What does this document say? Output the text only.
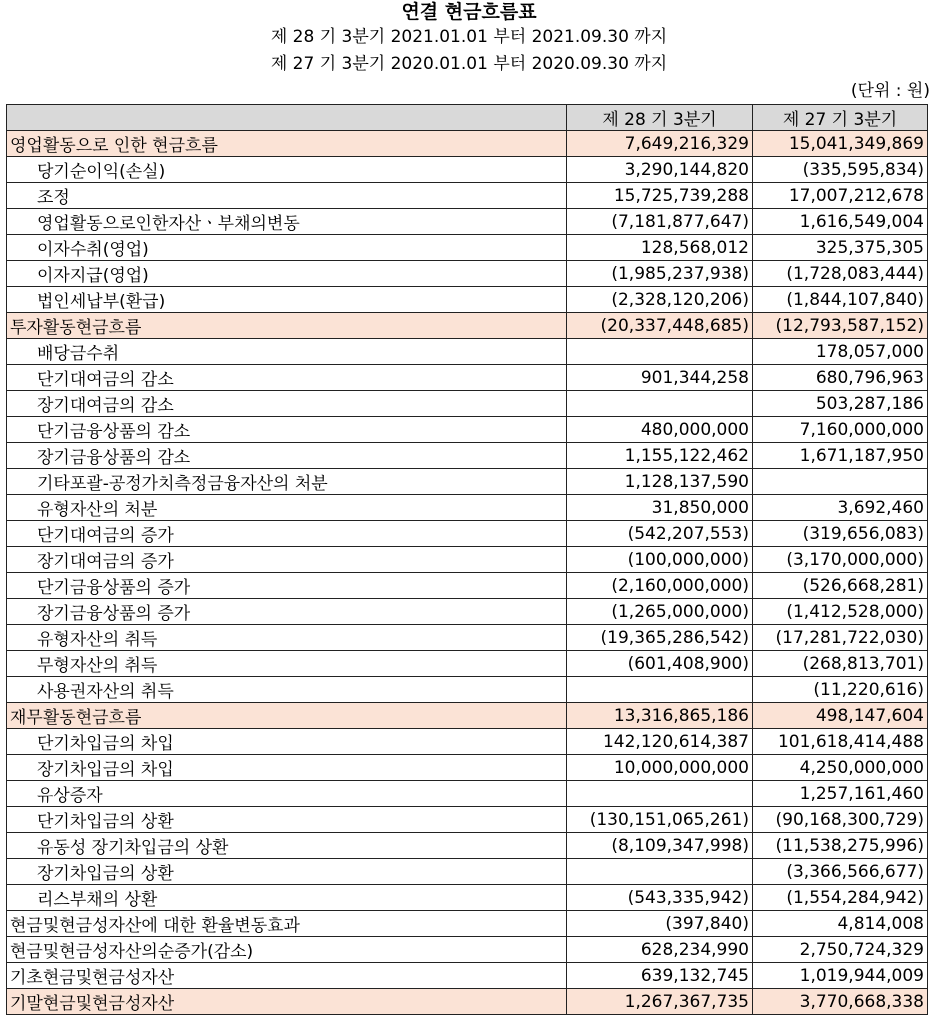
연결 현금흐름표
제 28 기 3분기 2021.01.01 부터 2021.09.30 까지
제 27 기 3분기 2020.01.01 부터 2020.09.30 까지
(단위 : 원)
	제 28 기 3분기	제 27 기 3분기
영업활동으로 인한 현금흐름	7,649,216,329	15,041,349,869
당기순이익(손실)	3,290,144,820	(335,595,834)
조정	15,725,739,288	17,007,212,678
영업활동으로인한자산ㆍ부채의변동	(7,181,877,647)	1,616,549,004
이자수취(영업)	128,568,012	325,375,305
이자지급(영업)	(1,985,237,938)	(1,728,083,444)
법인세납부(환급)	(2,328,120,206)	(1,844,107,840)
투자활동현금흐름	(20,337,448,685)	(12,793,587,152)
배당금수취		178,057,000
단기대여금의 감소	901,344,258	680,796,963
장기대여금의 감소		503,287,186
단기금융상품의 감소	480,000,000	7,160,000,000
장기금융상품의 감소	1,155,122,462	1,671,187,950
기타포괄-공정가치측정금융자산의 처분	1,128,137,590	
유형자산의 처분	31,850,000	3,692,460
단기대여금의 증가	(542,207,553)	(319,656,083)
장기대여금의 증가	(100,000,000)	(3,170,000,000)
단기금융상품의 증가	(2,160,000,000)	(526,668,281)
장기금융상품의 증가	(1,265,000,000)	(1,412,528,000)
유형자산의 취득	(19,365,286,542)	(17,281,722,030)
무형자산의 취득	(601,408,900)	(268,813,701)
사용권자산의 취득		(11,220,616)
재무활동현금흐름	13,316,865,186	498,147,604
단기차입금의 차입	142,120,614,387	101,618,414,488
장기차입금의 차입	10,000,000,000	4,250,000,000
유상증자		1,257,161,460
단기차입금의 상환	(130,151,065,261)	(90,168,300,729)
유동성 장기차입금의 상환	(8,109,347,998)	(11,538,275,996)
장기차입금의 상환		(3,366,566,677)
리스부채의 상환	(543,335,942)	(1,554,284,942)
현금및현금성자산에 대한 환율변동효과	(397,840)	4,814,008
현금및현금성자산의순증가(감소)	628,234,990	2,750,724,329
기초현금및현금성자산	639,132,745	1,019,944,009
기말현금및현금성자산	1,267,367,735	3,770,668,338
